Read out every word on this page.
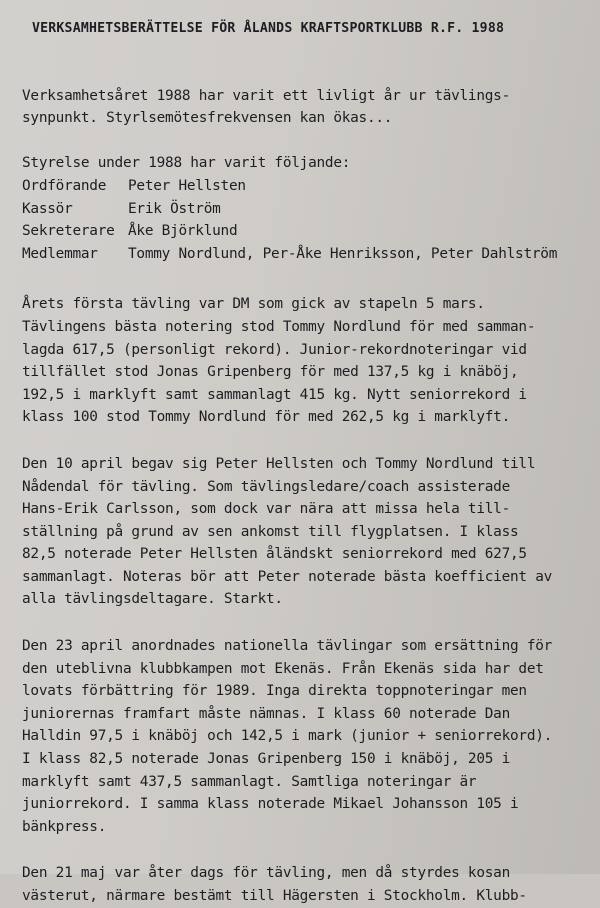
VERKSAMHETSBERÄTTELSE FÖR ÅLANDS KRAFTSPORTKLUBB R.F. 1988
Verksamhetsåret 1988 har varit ett livligt år ur tävlings-
synpunkt. Styrlsemötesfrekvensen kan ökas...
Styrelse under 1988 har varit följande:
Ordförande	Peter Hellsten
Kassör	Erik Öström
Sekreterare Åke Björklund
Medlemmar	Tommy Nordlund, Per-Åke Henriksson, Peter Dahlström
Årets första tävling var DM som gick av stapeln 5 mars.
Tävlingens bästa notering stod Tommy Nordlund för med samman-
lagda 617,5 (personligt rekord). Junior-rekordnoteringar vid
tillfället stod Jonas Gripenberg för med 137,5 kg i knäböj,
192,5 i marklyft samt sammanlagt 415 kg. Nytt seniorrekord i
klass 100 stod Tommy Nordlund för med 262,5 kg i marklyft.
Den 10 april begav sig Peter Hellsten och Tommy Nordlund till
Nådendal för tävling. Som tävlingsledare/coach assisterade
Hans-Erik Carlsson, som dock var nära att missa hela till-
ställning på grund av sen ankomst till flygplatsen. I klass
82,5 noterade Peter Hellsten åländskt seniorrekord med 627,5
sammanlagt. Noteras bör att Peter noterade bästa koefficient av
alla tävlingsdeltagare. Starkt.
Den 23 april anordnades nationella tävlingar som ersättning för
den uteblivna klubbkampen mot Ekenäs. Från Ekenäs sida har det
lovats förbättring för 1989. Inga direkta toppnoteringar men
juniorernas framfart måste nämnas. I klass 60 noterade Dan
Halldin 97,5 i knäböj och 142,5 i mark (junior + seniorrekord).
I klass 82,5 noterade Jonas Gripenberg 150 i knäböj, 205 i
marklyft samt 437,5 sammanlagt. Samtliga noteringar är
juniorrekord. I samma klass noterade Mikael Johansson 105 i
bänkpress.
Den 21 maj var åter dags för tävling, men då styrdes kosan
västerut, närmare bestämt till Hägersten i Stockholm. Klubb-
